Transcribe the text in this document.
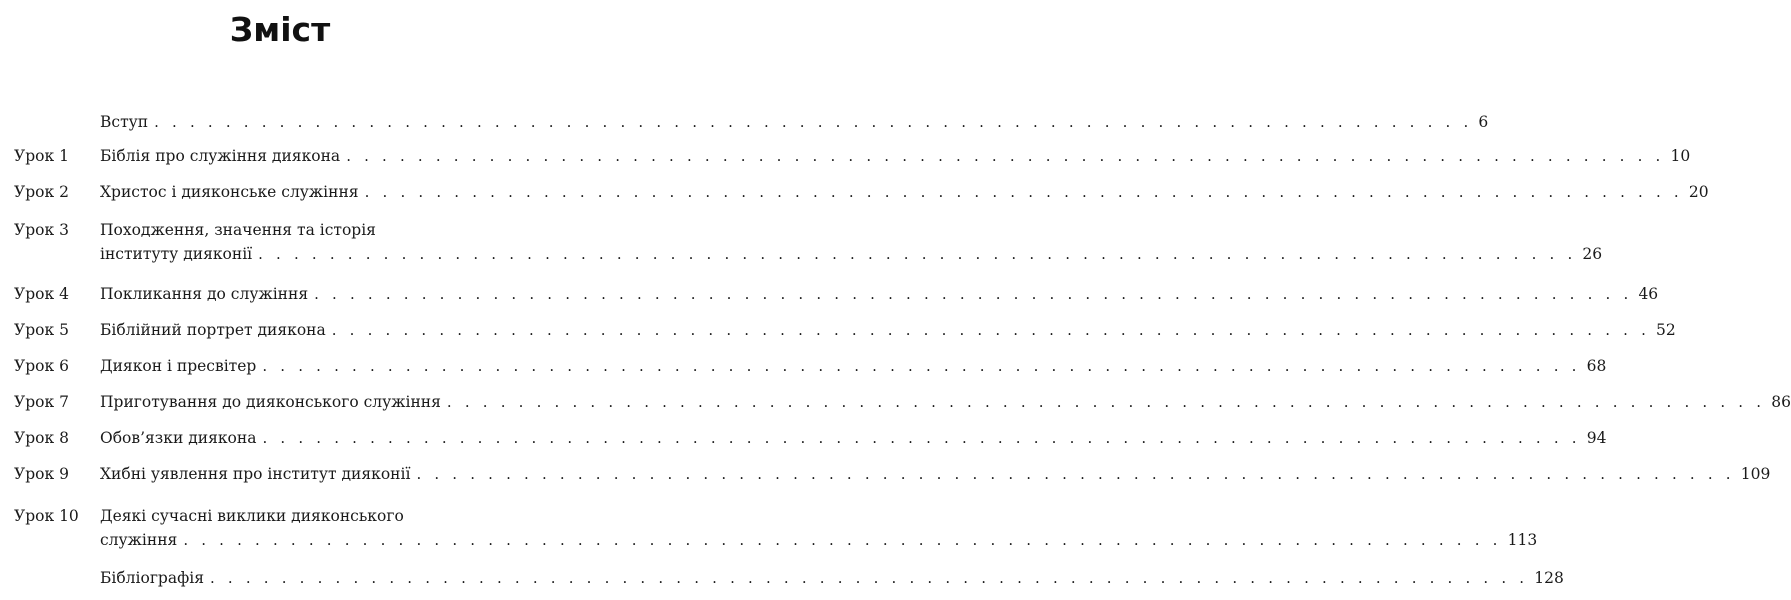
Зміст
Вступ . . . . . . . . . . . . . . . . . . . . . . . . . . . . . . . . . . . . . . . . . . . . . . . . . . . . . . . . . . . . . . . . . . . . . . . . . . 6
Урок 1 Біблія про служіння диякона . . . . . . . . . . . . . . . . . . . . . . . . . . . . . . . . . . . . . . . . . . . . . . . . . . . . . . . . . . . . . . . . . . . . . . . . . . 10
Урок 2 Христос і дияконське служіння . . . . . . . . . . . . . . . . . . . . . . . . . . . . . . . . . . . . . . . . . . . . . . . . . . . . . . . . . . . . . . . . . . . . . . . . . . 20
Урок 3 Походження, значення та історія
інституту дияконії . . . . . . . . . . . . . . . . . . . . . . . . . . . . . . . . . . . . . . . . . . . . . . . . . . . . . . . . . . . . . . . . . . . . . . . . . . 26
Урок 4 Покликання до служіння . . . . . . . . . . . . . . . . . . . . . . . . . . . . . . . . . . . . . . . . . . . . . . . . . . . . . . . . . . . . . . . . . . . . . . . . . . 46
Урок 5 Біблійний портрет диякона . . . . . . . . . . . . . . . . . . . . . . . . . . . . . . . . . . . . . . . . . . . . . . . . . . . . . . . . . . . . . . . . . . . . . . . . . . 52
Урок 6 Диякон і пресвітер . . . . . . . . . . . . . . . . . . . . . . . . . . . . . . . . . . . . . . . . . . . . . . . . . . . . . . . . . . . . . . . . . . . . . . . . . . 68
Урок 7 Приготування до дияконського служіння . . . . . . . . . . . . . . . . . . . . . . . . . . . . . . . . . . . . . . . . . . . . . . . . . . . . . . . . . . . . . . . . . . . . . . . . . . 86
Урок 8 Обов’язки диякона . . . . . . . . . . . . . . . . . . . . . . . . . . . . . . . . . . . . . . . . . . . . . . . . . . . . . . . . . . . . . . . . . . . . . . . . . . 94
Урок 9 Хибні уявлення про інститут дияконії . . . . . . . . . . . . . . . . . . . . . . . . . . . . . . . . . . . . . . . . . . . . . . . . . . . . . . . . . . . . . . . . . . . . . . . . . . 109
Урок 10 Деякі сучасні виклики дияконського
служіння . . . . . . . . . . . . . . . . . . . . . . . . . . . . . . . . . . . . . . . . . . . . . . . . . . . . . . . . . . . . . . . . . . . . . . . . . . 113
Бібліографія . . . . . . . . . . . . . . . . . . . . . . . . . . . . . . . . . . . . . . . . . . . . . . . . . . . . . . . . . . . . . . . . . . . . . . . . . . 128
